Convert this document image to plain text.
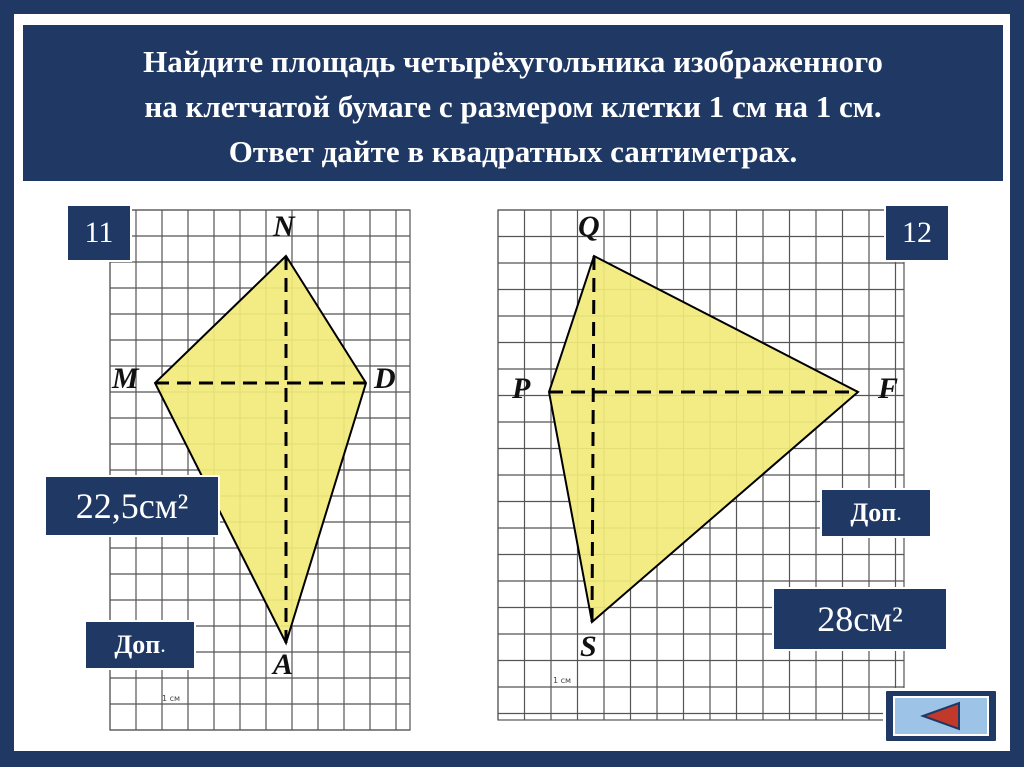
Найдите площадь четырёхугольника изображенного
на клетчатой бумаге с размером клетки 1 см на 1 см.
Ответ дайте в квадратных сантиметрах.
11	N
M	D
A
22,5см²
Доп .
1 см
12
Q
P	F
S
Доп .
28см²
1 см
